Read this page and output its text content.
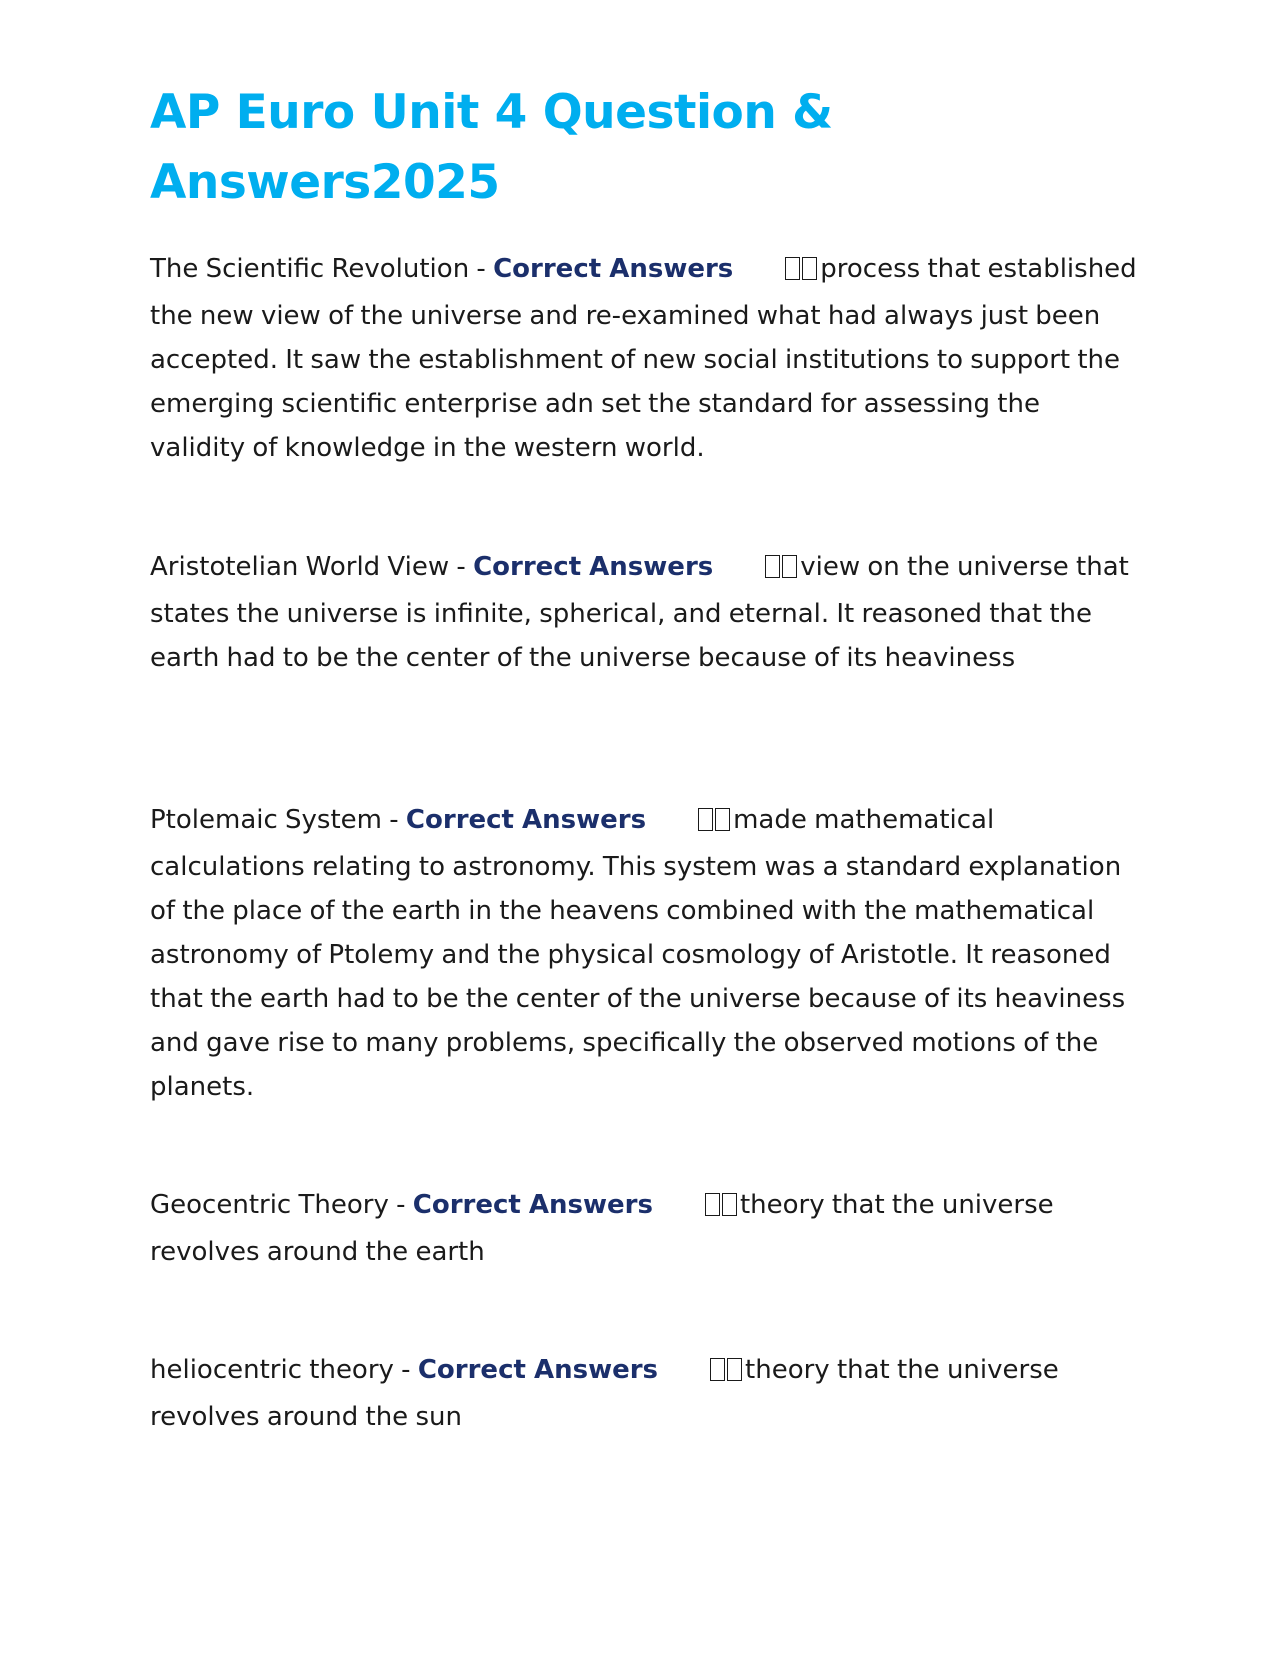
AP Euro Unit 4 Question & Answers2025

The Scientific Revolution - Correct Answers	process that established the new view of the universe and re-examined what had always just been accepted. It saw the establishment of new social institutions to support the emerging scientific enterprise adn set the standard for assessing the validity of knowledge in the western world.

Aristotelian World View - Correct Answers	view on the universe that states the universe is infinite, spherical, and eternal. It reasoned that the earth had to be the center of the universe because of its heaviness

Ptolemaic System - Correct Answers	made mathematical calculations relating to astronomy. This system was a standard explanation of the place of the earth in the heavens combined with the mathematical astronomy of Ptolemy and the physical cosmology of Aristotle. It reasoned that the earth had to be the center of the universe because of its heaviness and gave rise to many problems, specifically the observed motions of the planets.

Geocentric Theory - Correct Answers	theory that the universe revolves around the earth

heliocentric theory - Correct Answers	theory that the universe revolves around the sun
